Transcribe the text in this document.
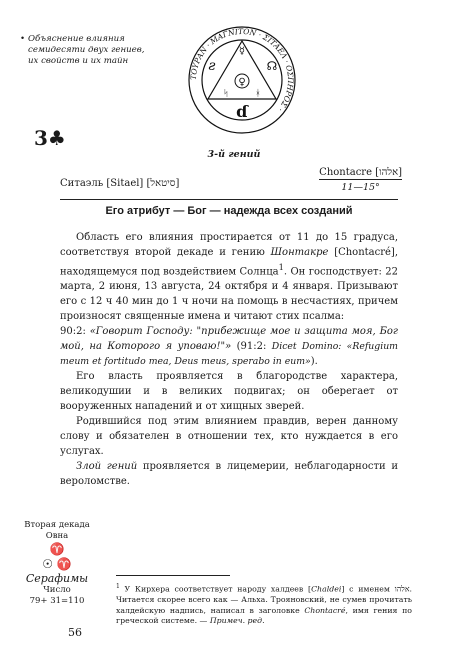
• Объяснение влияния семидесяти двух гениев, их свойств и их тайн
ΤΟΥΡΑΝ · ΜΑΓΝΙΤΟΝ · ΣΙΤΑΕΛ · ΟΣΠΗΡΟΣ ·
☿
ƨ	☊
♀
ᛋ	ᚼ
ɗ
3♣
3-й гений
Ситаэль [Sitael] [סיטאל]
Chontacre [אלהו]
11—15°
Его атрибут — Бог — надежда всех созданий

Область его влияния простирается от 11 до 15 градуса, соответствуя второй декаде и гению Шонтакре [Chontacré], находящемуся под воздействием Солнца$^1$. Он господствует: 22 марта, 2 июня, 13 августа, 24 октября и 4 января. Призывают его с 12 ч 40 мин до 1 ч ночи на помощь в несчастиях, причем произносят священные имена и читают стих псалма:

90:2: «Говорит Господу: "прибежище мое и защита моя, Бог мой, на Которого я уповаю!"» (91:2: Dicet Domino: «Refugium meum et fortitudo mea, Deus meus, sperabo in eum»).

Его власть проявляется в благородстве характера, великодушии и в великих подвигах; он оберегает от вооруженных нападений и от хищных зверей.

Родившийся под этим влиянием правдив, верен данному слову и обязателен в отношении тех, кто нуждается в его услугах.

Злой гений проявляется в лицемерии, неблагодарности и вероломстве.

Вторая декада
Овна
♈
☉ ♈
Серафимы
Число
79+ 31=110
$^1$ У Кирхера соответствует народу халдеев [Chaldei] с именем אלהו. Читается скорее всего как — Альха. Трояновский, не сумев прочитать халдейскую надпись, написал в заголовке Chontacré, имя гения по греческой системе. — Примеч. ред.
56
